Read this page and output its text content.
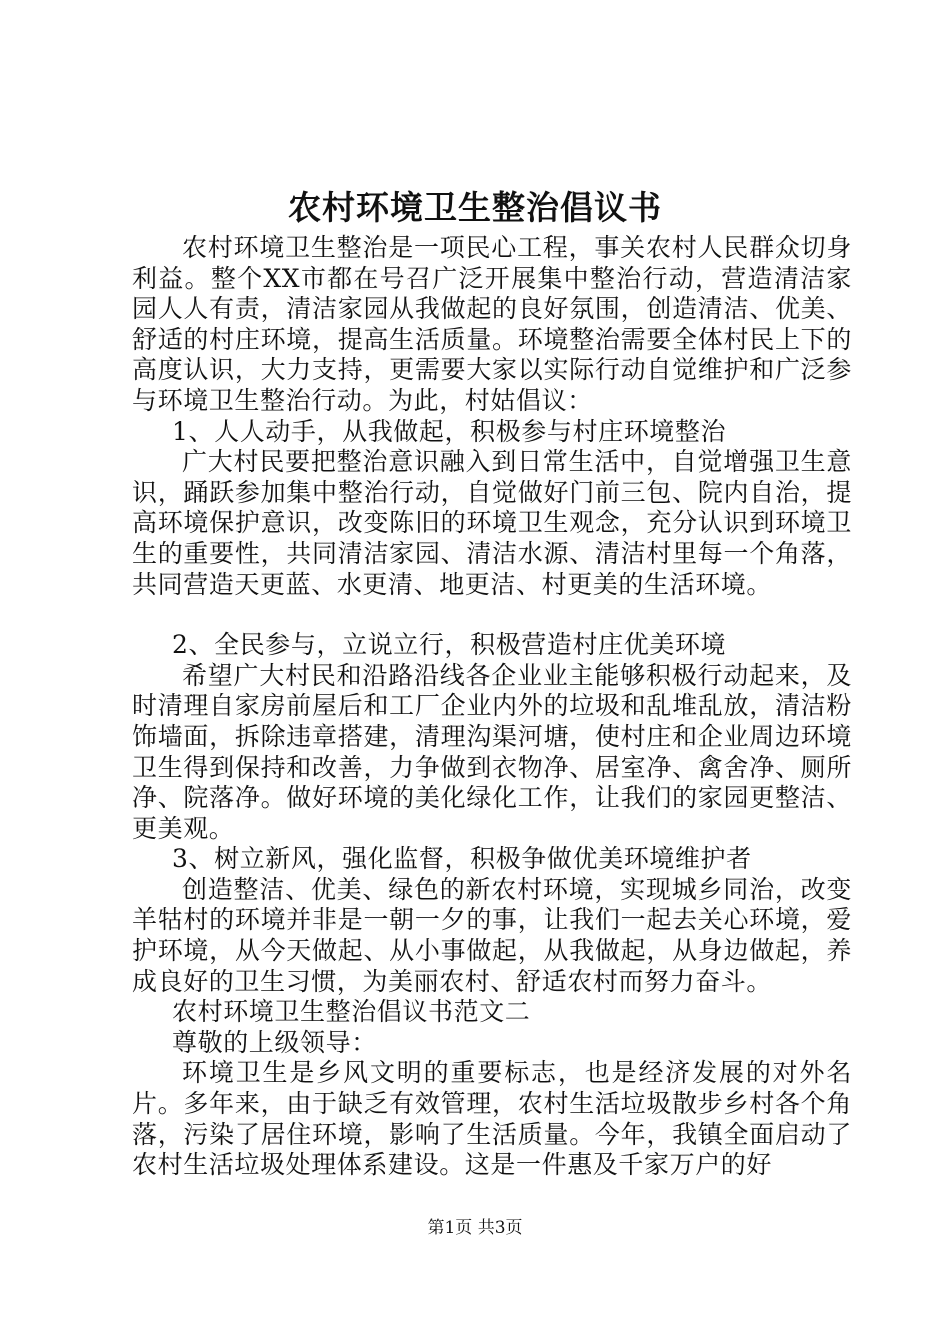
农村环境卫生整治倡议书

农村环境卫生整治是一项民心工程，事关农村人民群众切身利益。整个XX市都在号召广泛开展集中整治行动，营造清洁家园人人有责，清洁家园从我做起的良好氛围，创造清洁、优美、舒适的村庄环境，提高生活质量。环境整治需要全体村民上下的高度认识，大力支持，更需要大家以实际行动自觉维护和广泛参与环境卫生整治行动。为此，村姑倡议：

1、人人动手，从我做起，积极参与村庄环境整治

广大村民要把整治意识融入到日常生活中，自觉增强卫生意识，踊跃参加集中整治行动，自觉做好门前三包、院内自治，提高环境保护意识，改变陈旧的环境卫生观念，充分认识到环境卫生的重要性，共同清洁家园、清洁水源、清洁村里每一个角落，共同营造天更蓝、水更清、地更洁、村更美的生活环境。

2、全民参与，立说立行，积极营造村庄优美环境

希望广大村民和沿路沿线各企业业主能够积极行动起来，及时清理自家房前屋后和工厂企业内外的垃圾和乱堆乱放，清洁粉饰墙面，拆除违章搭建，清理沟渠河塘，使村庄和企业周边环境卫生得到保持和改善，力争做到衣物净、居室净、禽舍净、厕所净、院落净。做好环境的美化绿化工作，让我们的家园更整洁、更美观。

3、树立新风，强化监督，积极争做优美环境维护者

创造整洁、优美、绿色的新农村环境，实现城乡同治，改变羊牯村的环境并非是一朝一夕的事，让我们一起去关心环境，爱护环境，从今天做起、从小事做起，从我做起，从身边做起，养成良好的卫生习惯，为美丽农村、舒适农村而努力奋斗。

农村环境卫生整治倡议书范文二

尊敬的上级领导：

环境卫生是乡风文明的重要标志，也是经济发展的对外名片。多年来，由于缺乏有效管理，农村生活垃圾散步乡村各个角落，污染了居住环境，影响了生活质量。今年，我镇全面启动了农村生活垃圾处理体系建设。这是一件惠及千家万户的好

第1页 共3页
